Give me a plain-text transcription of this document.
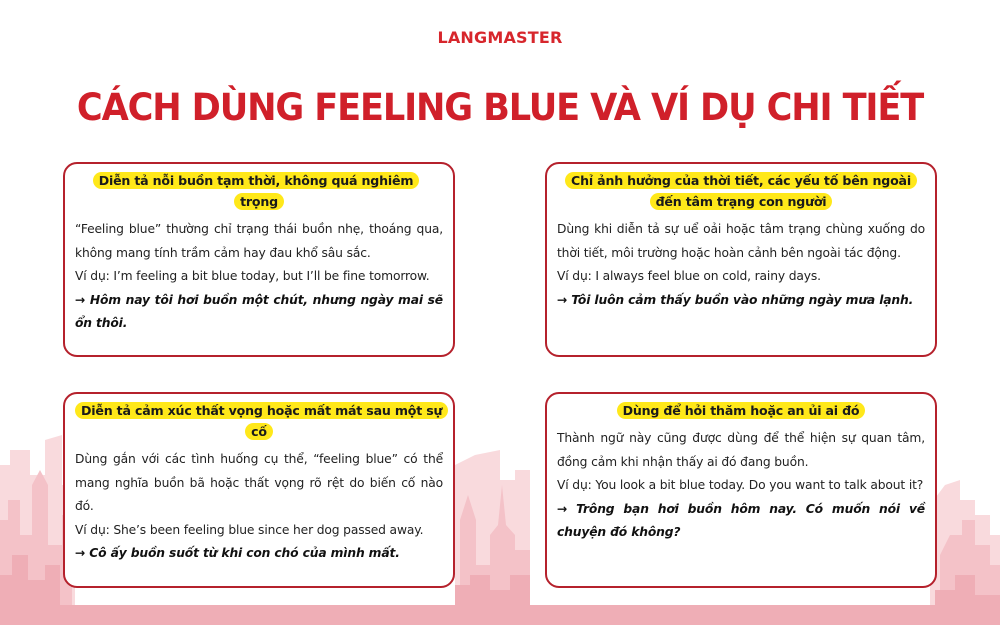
LANGMASTER
CÁCH DÙNG FEELING BLUE VÀ VÍ DỤ CHI TIẾT
Diễn tả nỗi buồn tạm thời, không quá nghiêm trọng

“Feeling blue” thường chỉ trạng thái buồn nhẹ, thoáng qua, không mang tính trầm cảm hay đau khổ sâu sắc.

Ví dụ: I’m feeling a bit blue today, but I’ll be fine tomorrow.

→ Hôm nay tôi hơi buồn một chút, nhưng ngày mai sẽ ổn thôi.

Chỉ ảnh hưởng của thời tiết, các yếu tố bên ngoài đến tâm trạng con người

Dùng khi diễn tả sự uể oải hoặc tâm trạng chùng xuống do thời tiết, môi trường hoặc hoàn cảnh bên ngoài tác động.

Ví dụ: I always feel blue on cold, rainy days.

→ Tôi luôn cảm thấy buồn vào những ngày mưa lạnh.

Diễn tả cảm xúc thất vọng hoặc mất mát sau một sự cố

Dùng gắn với các tình huống cụ thể, “feeling blue” có thể mang nghĩa buồn bã hoặc thất vọng rõ rệt do biến cố nào đó.

Ví dụ: She’s been feeling blue since her dog passed away.

→ Cô ấy buồn suốt từ khi con chó của mình mất.

Dùng để hỏi thăm hoặc an ủi ai đó

Thành ngữ này cũng được dùng để thể hiện sự quan tâm, đồng cảm khi nhận thấy ai đó đang buồn.

Ví dụ: You look a bit blue today. Do you want to talk about it?

→ Trông bạn hơi buồn hôm nay. Có muốn nói về chuyện đó không?
